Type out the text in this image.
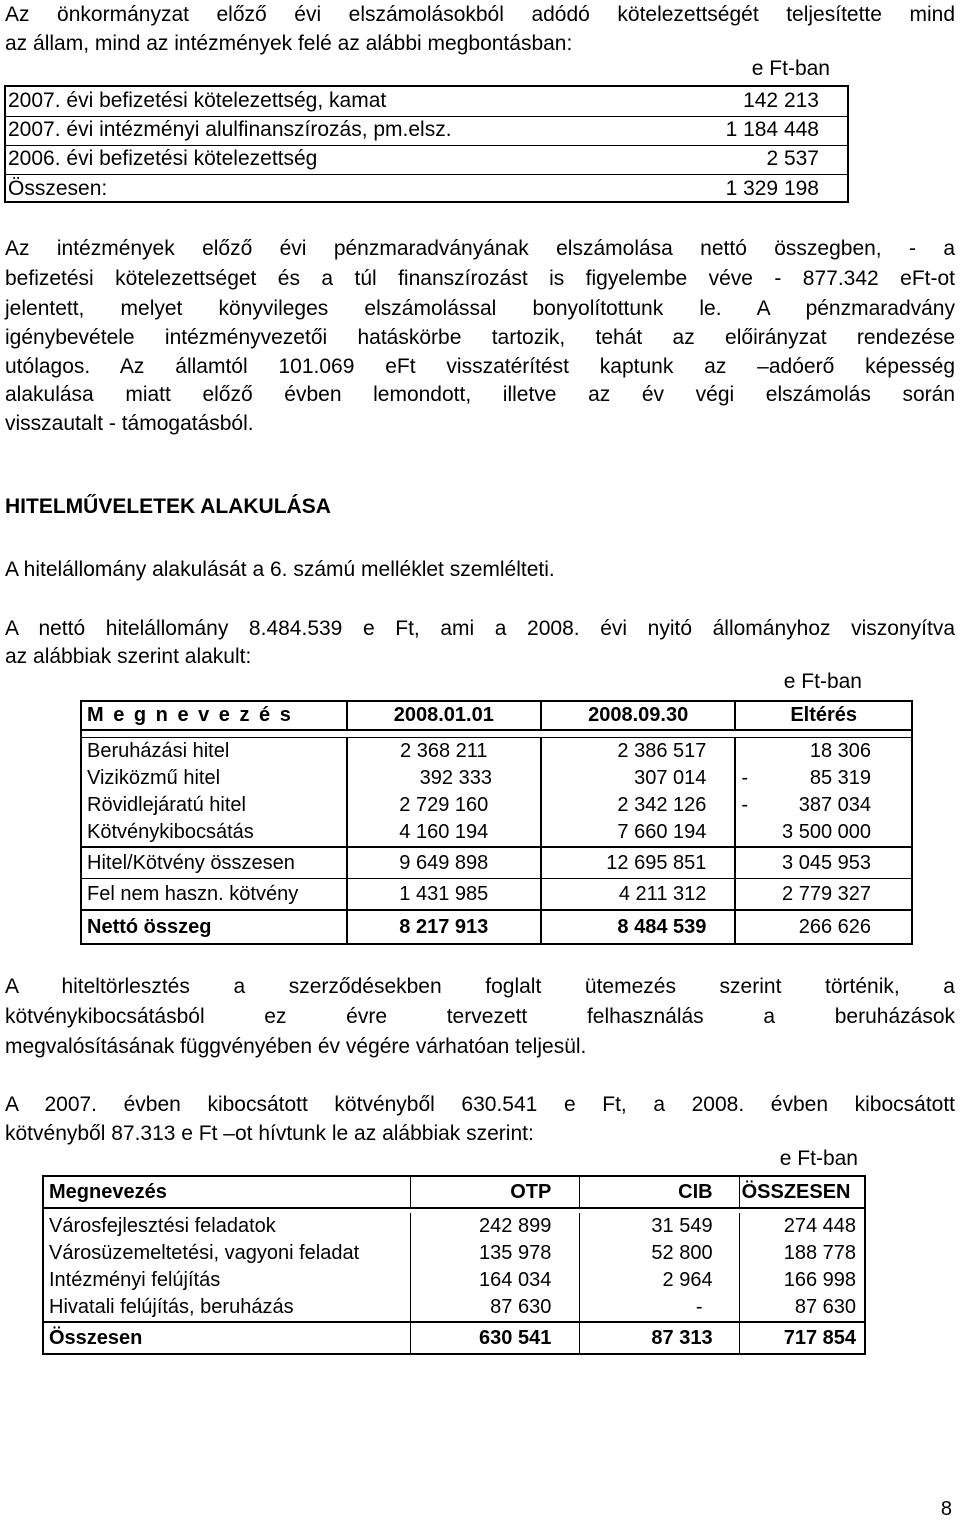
Az önkormányzat előző évi elszámolásokból adódó kötelezettségét teljesítette mind
az állam, mind az intézmények felé az alábbi megbontásban:
e Ft-ban
2007. évi befizetési kötelezettség, kamat	142 213
2007. évi intézményi alulfinanszírozás, pm.elsz.	1 184 448
2006. évi befizetési kötelezettség	2 537
Összesen:	1 329 198
Az intézmények előző évi pénzmaradványának elszámolása nettó összegben, - a
befizetési kötelezettséget és a túl finanszírozást is figyelembe véve - 877.342 eFt-ot
jelentett, melyet könyvileges elszámolással bonyolítottunk le. A pénzmaradvány
igénybevétele intézményvezetői hatáskörbe tartozik, tehát az előirányzat rendezése
utólagos. Az államtól 101.069 eFt visszatérítést kaptunk az –adóerő képesség
alakulása miatt előző évben lemondott, illetve az év végi elszámolás során
visszautalt - támogatásból.
HITELMŰVELETEK ALAKULÁSA
A hitelállomány alakulását a 6. számú melléklet szemlélteti.
A nettó hitelállomány 8.484.539 e Ft, ami a 2008. évi nyitó állományhoz viszonyítva
az alábbiak szerint alakult:
e Ft-ban
M e g n e v e z é s	2008.01.01	2008.09.30	Eltérés

Beruházási hitel	2 368 211	2 386 517	18 306
Viziközmű hitel	392 333	307 014	- 85 319
Rövidlejáratú hitel	2 729 160	2 342 126	- 387 034
Kötvénykibocsátás	4 160 194	7 660 194	3 500 000
Hitel/Kötvény összesen	9 649 898	12 695 851	3 045 953
Fel nem haszn. kötvény	1 431 985	4 211 312	2 779 327
Nettó összeg	8 217 913	8 484 539	266 626
A hiteltörlesztés a szerződésekben foglalt ütemezés szerint történik, a
kötvénykibocsátásból ez évre tervezett felhasználás a beruházások
megvalósításának függvényében év végére várhatóan teljesül.
A 2007. évben kibocsátott kötvényből 630.541 e Ft, a 2008. évben kibocsátott
kötvényből 87.313 e Ft –ot hívtunk le az alábbiak szerint:
e Ft-ban
Megnevezés	OTP	CIB	ÖSSZESEN

Városfejlesztési feladatok	242 899	31 549	274 448
Városüzemeltetési, vagyoni feladat	135 978	52 800	188 778
Intézményi felújítás	164 034	2 964	166 998
Hivatali felújítás, beruházás	87 630	-	87 630
Összesen	630 541	87 313	717 854
8
